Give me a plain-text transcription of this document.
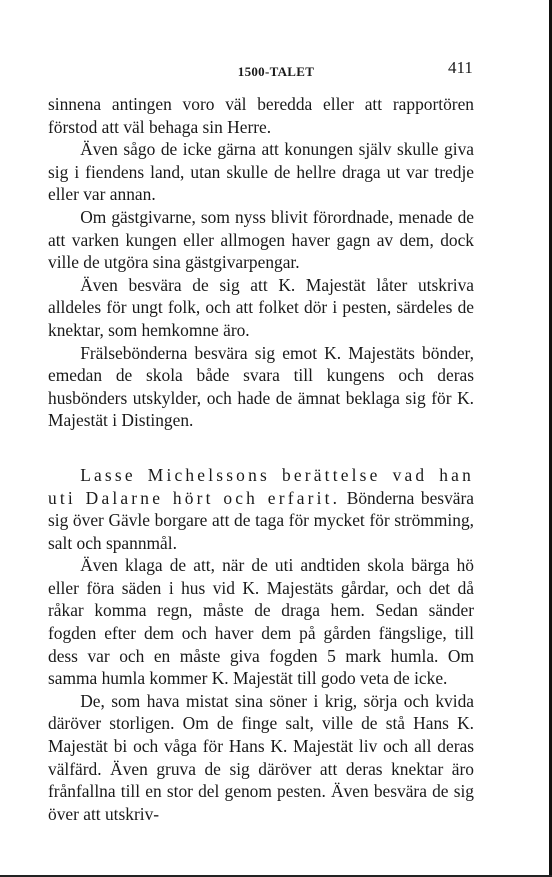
1500-TALET	411

sinnena antingen voro väl beredda eller att rapportören förstod att väl behaga sin Herre.

Även sågo de icke gärna att konungen själv skulle giva sig i fiendens land, utan skulle de hellre draga ut var tredje eller var annan.

Om gästgivarne, som nyss blivit förordnade, menade de att varken kungen eller allmogen haver gagn av dem, dock ville de utgöra sina gästgivarpengar.

Även besvära de sig att K. Majestät låter utskriva alldeles för ungt folk, och att folket dör i pesten, särdeles de knektar, som hemkomne äro.

Frälsebönderna besvära sig emot K. Majestäts bönder, emedan de skola både svara till kungens och deras husbönders utskylder, och hade de ämnat beklaga sig för K. Majestät i Distingen.

Lasse Michelssons berättelse vad han uti Dalarne hört och erfarit. Bönderna besvära sig över Gävle borgare att de taga för mycket för strömming, salt och spannmål.

Även klaga de att, när de uti andtiden skola bärga hö eller föra säden i hus vid K. Majestäts gårdar, och det då råkar komma regn, måste de draga hem. Sedan sänder fogden efter dem och haver dem på gården fängslige, till dess var och en måste giva fogden 5 mark humla. Om samma humla kommer K. Majestät till godo veta de icke.

De, som hava mistat sina söner i krig, sörja och kvida däröver storligen. Om de finge salt, ville de stå Hans K. Majestät bi och våga för Hans K. Majestät liv och all deras välfärd. Även gruva de sig däröver att deras knektar äro frånfallna till en stor del genom pesten. Även besvära de sig över att utskriv-
